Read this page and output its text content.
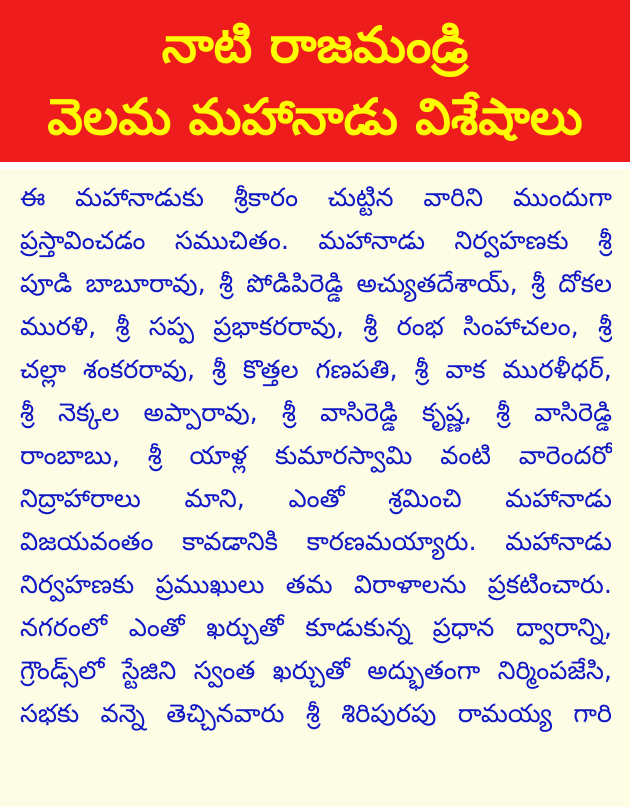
నాటి రాజమండ్రి
వెలమ మహానాడు విశేషాలు
ఈ మహానాడుకు శ్రీకారం చుట్టిన వారిని ముందుగా
ప్రస్తావించడం సముచితం. మహానాడు నిర్వహణకు శ్రీ
పూడి బాబూరావు, శ్రీ పోడిపిరెడ్డి అచ్యుతదేశాయ్, శ్రీ దోకల
మురళి, శ్రీ సప్ప ప్రభాకరరావు, శ్రీ రంభ సింహాచలం, శ్రీ
చల్లా శంకరరావు, శ్రీ కొత్తల గణపతి, శ్రీ వాక మురళీధర్,
శ్రీ నెక్కల అప్పారావు, శ్రీ వాసిరెడ్డి కృష్ణ, శ్రీ వాసిరెడ్డి
రాంబాబు, శ్రీ యాళ్ల కుమారస్వామి వంటి వారెందరో
నిద్రాహారాలు మాని, ఎంతో శ్రమించి మహానాడు
విజయవంతం కావడానికి కారణమయ్యారు. మహానాడు
నిర్వహణకు ప్రముఖులు తమ విరాళాలను ప్రకటించారు.
నగరంలో ఎంతో ఖర్చుతో కూడుకున్న ప్రధాన ద్వారాన్ని,
గ్రౌండ్స్‌లో స్టేజిని స్వంత ఖర్చుతో అద్భుతంగా నిర్మింపజేసి,
సభకు వన్నె తెచ్చినవారు శ్రీ శిరిపురపు రామయ్య గారి
